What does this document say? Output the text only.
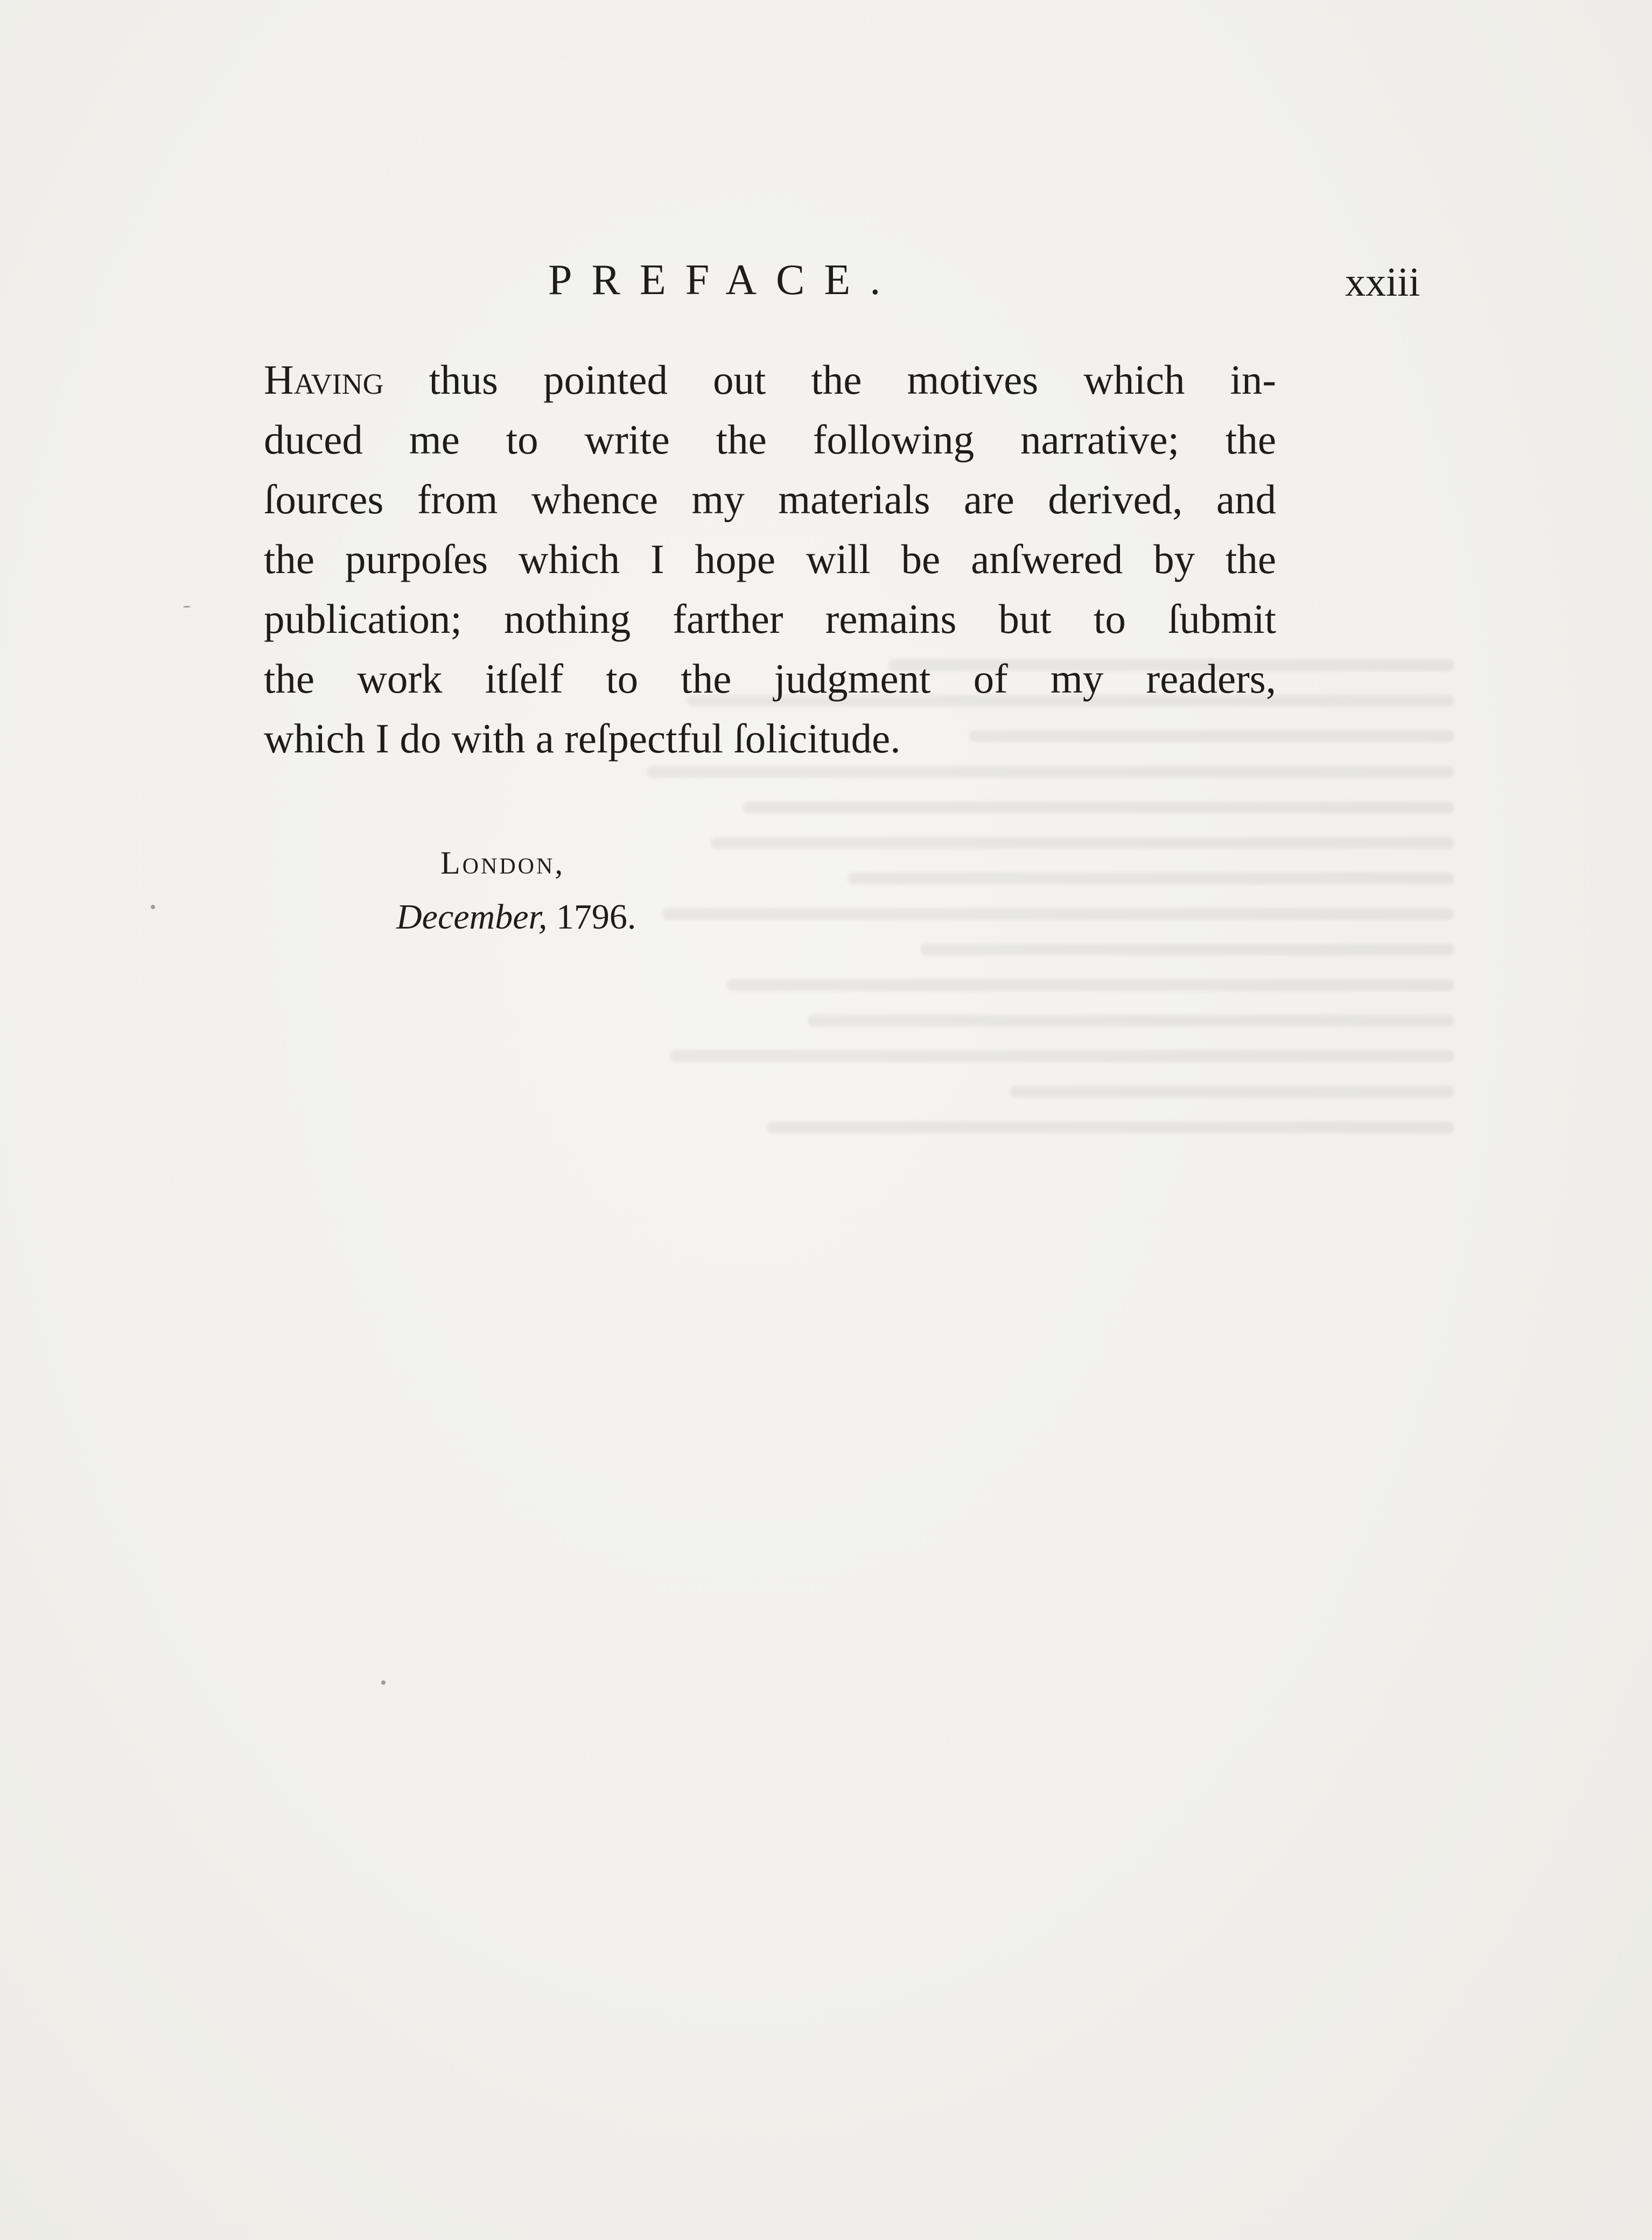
PREFACE.	xxiii
Having thus pointed out the motives which in-
duced me to write the following narrative; the
ſources from whence my materials are derived, and
the purpoſes which I hope will be anſwered by the
publication; nothing farther remains but to ſubmit
the work itſelf to the judgment of my readers,
which I do with a reſpectful ſolicitude.
London,
December, 1796.
